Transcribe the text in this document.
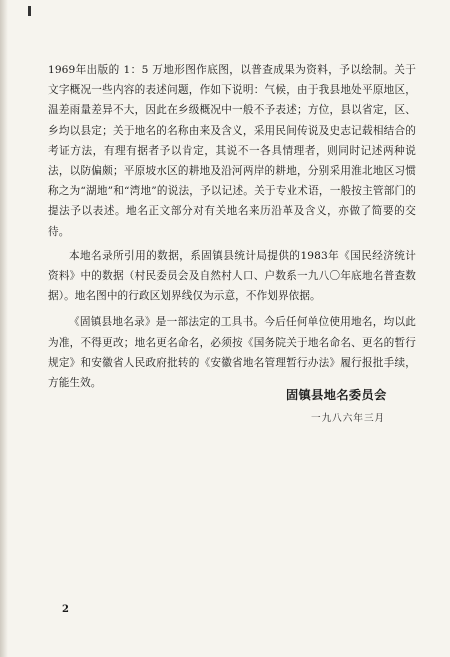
1969年出版的 1：5 万地形图作底图，以普查成果为资料，予以绘制。关于文字概况一些内容的表述问题，作如下说明：气候，由于我县地处平原地区，温差雨量差异不大，因此在乡级概况中一般不予表述；方位，县以省定，区、乡均以县定；关于地名的名称由来及含义，采用民间传说及史志记载相结合的考证方法，有理有据者予以肯定，其说不一各具情理者，则同时记述两种说法，以防偏颇；平原坡水区的耕地及沿河两岸的耕地，分别采用淮北地区习惯称之为“湖地”和“湾地”的说法，予以记述。关于专业术语，一般按主管部门的提法予以表述。地名正文部分对有关地名来历沿革及含义，亦做了简要的交待。

本地名录所引用的数据，系固镇县统计局提供的1983年《国民经济统计资料》中的数据（村民委员会及自然村人口、户数系一九八〇年底地名普查数据）。地名图中的行政区划界线仅为示意，不作划界依据。

《固镇县地名录》是一部法定的工具书。今后任何单位使用地名，均以此为准，不得更改；地名更名命名，必须按《国务院关于地名命名、更名的暂行规定》和安徽省人民政府批转的《安徽省地名管理暂行办法》履行报批手续，方能生效。

固镇县地名委员会
一九八六年三月
2
